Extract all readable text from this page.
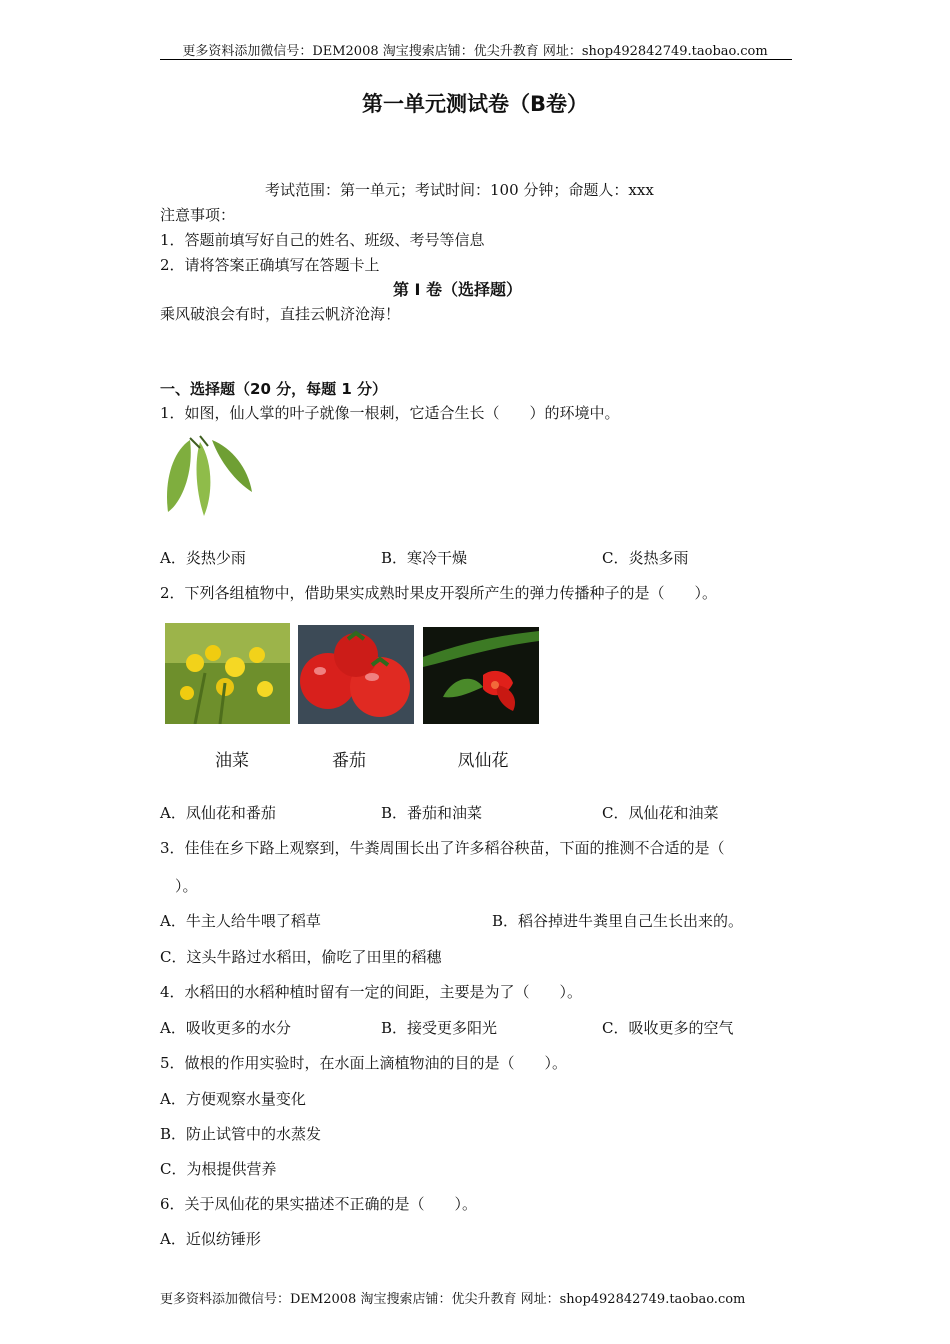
更多资料添加微信号：DEM2008 淘宝搜索店铺：优尖升教育 网址：shop492842749.taobao.com
第一单元测试卷（B卷）
考试范围：第一单元；考试时间：100 分钟；命题人：xxx
注意事项：
1．答题前填写好自己的姓名、班级、考号等信息
2．请将答案正确填写在答题卡上
第 I 卷（选择题）
乘风破浪会有时，直挂云帆济沧海！
一、选择题（20 分，每题 1 分）
1．如图，仙人掌的叶子就像一根刺，它适合生长（　　）的环境中。
A．炎热少雨	B．寒冷干燥	C．炎热多雨
2．下列各组植物中，借助果实成熟时果皮开裂所产生的弹力传播种子的是（　　）。
油菜	番茄	凤仙花
A．凤仙花和番茄	B．番茄和油菜	C．凤仙花和油菜
3．佳佳在乡下路上观察到，牛粪周围长出了许多稻谷秧苗，下面的推测不合适的是（
　）。
A．牛主人给牛喂了稻草	B．稻谷掉进牛粪里自己生长出来的。
C．这头牛路过水稻田，偷吃了田里的稻穗
4．水稻田的水稻种植时留有一定的间距，主要是为了（　　）。
A．吸收更多的水分	B．接受更多阳光	C．吸收更多的空气
5．做根的作用实验时，在水面上滴植物油的目的是（　　）。
A．方便观察水量变化
B．防止试管中的水蒸发
C．为根提供营养
6．关于凤仙花的果实描述不正确的是（　　）。
A．近似纺锤形
更多资料添加微信号：DEM2008 淘宝搜索店铺：优尖升教育 网址：shop492842749.taobao.com
